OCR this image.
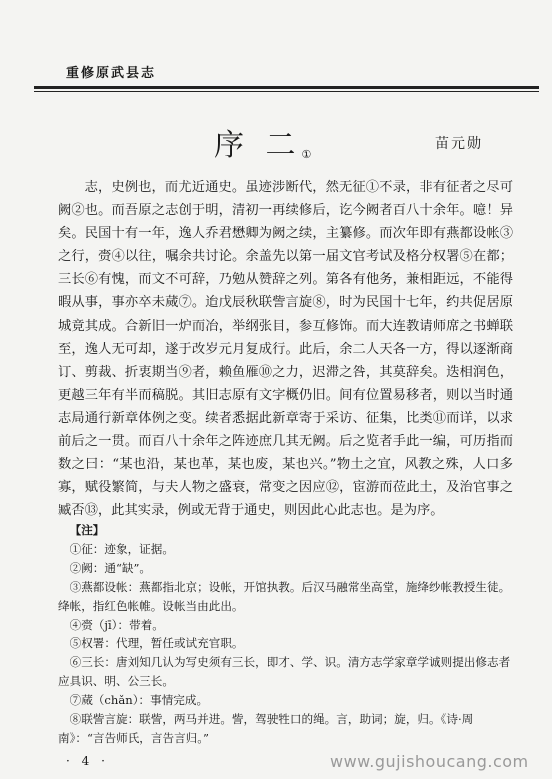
重修原武县志
序 二$_①$
苗元勋

志，史例也，而尤近通史。虽迹涉断代，然无征①不录，非有征者之尽可阙②也。而吾原之志创于明，清初一再续修后，讫今阙者百八十余年。噫！异矣。民国十有一年，逸人乔君懋卿为阙之续，主纂修。而次年即有燕都设帐③之行，赍④以往，嘱余共讨论。余盖先以第一届文官考试及格分权署⑤在都；三长⑥有愧，而文不可辞，乃勉从赞辞之列。第各有他务，兼相距远，不能得暇从事，事亦卒未蒇⑦。迨戊辰秋联訾言旋⑧，时为民国十七年，约共促居原城竟其成。合新旧一炉而冶，举纲张目，参互修饰。而大连教请师席之书蝉联至，逸人无可却，遂于改岁元月复成行。此后，余二人天各一方，得以逐渐商订、剪裁、折衷期当⑨者，赖鱼雁⑩之力，迟滞之咎，其莫辞矣。迭相润色，更越三年有半而稿脱。其旧志原有文字概仍旧。间有位置易移者，则以当时通志局通行新章体例之变。续者悉据此新章寄于采访、征集，比类⑪而详，以求前后之一贯。而百八十余年之阵迹庶几其无阙。后之览者手此一编，可历指而数之曰：“某也沿，某也革，某也废，某也兴。”物土之宜，风教之殊，人口多寡，赋役繁简，与夫人物之盛衰，常变之因应⑫，宦游而莅此土，及治官事之臧否⑬，此其实录，例或无背于通史，则因此心此志也。是为序。

【注】
①征：迹象，证据。
②阙：通“缺”。
③燕都设帐：燕都指北京；设帐，开馆执教。后汉马融常坐高堂，施绛纱帐教授生徒。绛帐，指红色帐帷。设帐当由此出。
④赍（jī）：带着。
⑤权署：代理，暂任或试充官职。
⑥三长：唐刘知几认为写史须有三长，即才、学、识。清方志学家章学诚则提出修志者应具识、明、公三长。
⑦蒇（chǎn）：事情完成。
⑧联訾言旋：联訾，两马并进。訾，驾驶牲口的绳。言，助词；旋，归。《诗·周南》：“言告师氏，言告言归。”
· 4 ·	www.gujishoucang.com
